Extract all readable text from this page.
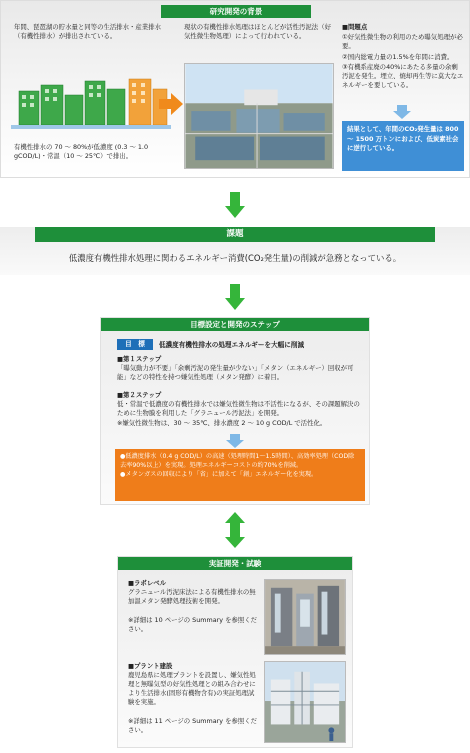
研究開発の背景
年間、琵琶湖の貯水量と同等の生活排水・産業排水（有機性排水）が排出されている。
有機性排水の 70 〜 80%が低濃度 (0.3 〜 1.0 gCOD/L)・常温（10 〜 25℃）で排出。
現状の有機性排水処理はほとんどが活性汚泥法（好気性微生物処理）によって行われている。
■問題点
①好気性微生物の利用のため曝気処理が必要。
②国内総電力量の1.5%を年間に消費。
③有機系産廃の40%にあたる多量の余剰汚泥を発生。埋立、焼却再生等に莫大なエネルギーを要している。
結果として、年間のCO₂発生量は 800 〜 1500 万トンにおよび、低炭素社会に逆行している。
課題
低濃度有機性排水処理に関わるエネルギー消費(CO₂発生量)の削減が急務となっている。
目標設定と開発のステップ
目　標	低濃度有機性排水の処理エネルギーを大幅に削減
■第１ステップ
「曝気動力が不要」「余剰汚泥の発生量が少ない」「メタン（エネルギー）回収が可能」などの特性を持つ嫌気性処理（メタン発酵）に着目。
■第２ステップ
低・常温で低濃度の有機性排水では嫌気性微生物は不活性になるが、その課題解決のために生物膜を利用した「グラニュール汚泥法」を開発。
※嫌気性微生物は、30 〜 35℃、排水濃度 2 〜 10 g COD/L で活性化。
●低濃度排水（0.4 g COD/L）の高速（処理時間1〜1.5時間）、高効率処理（COD除去率90%以上）を実現。処理エネルギーコストの約70%を削減。
●メタンガスの回収により「省」に加えて「創」エネルギー化を実現。
実証開発・試験
■ラボレベル
グラニュール汚泥床法による有機性排水の無加温メタン発酵処理技術を開発。
※詳細は 10 ページの Summary を参照ください。
■プラント建設
鹿児島県に処理プラントを設置し、嫌気性処理と無曝気型の好気性処理との組み合わせにより生活排水(固形有機物含有)の実証処理試験を実施。
※詳細は 11 ページの Summary を参照ください。
